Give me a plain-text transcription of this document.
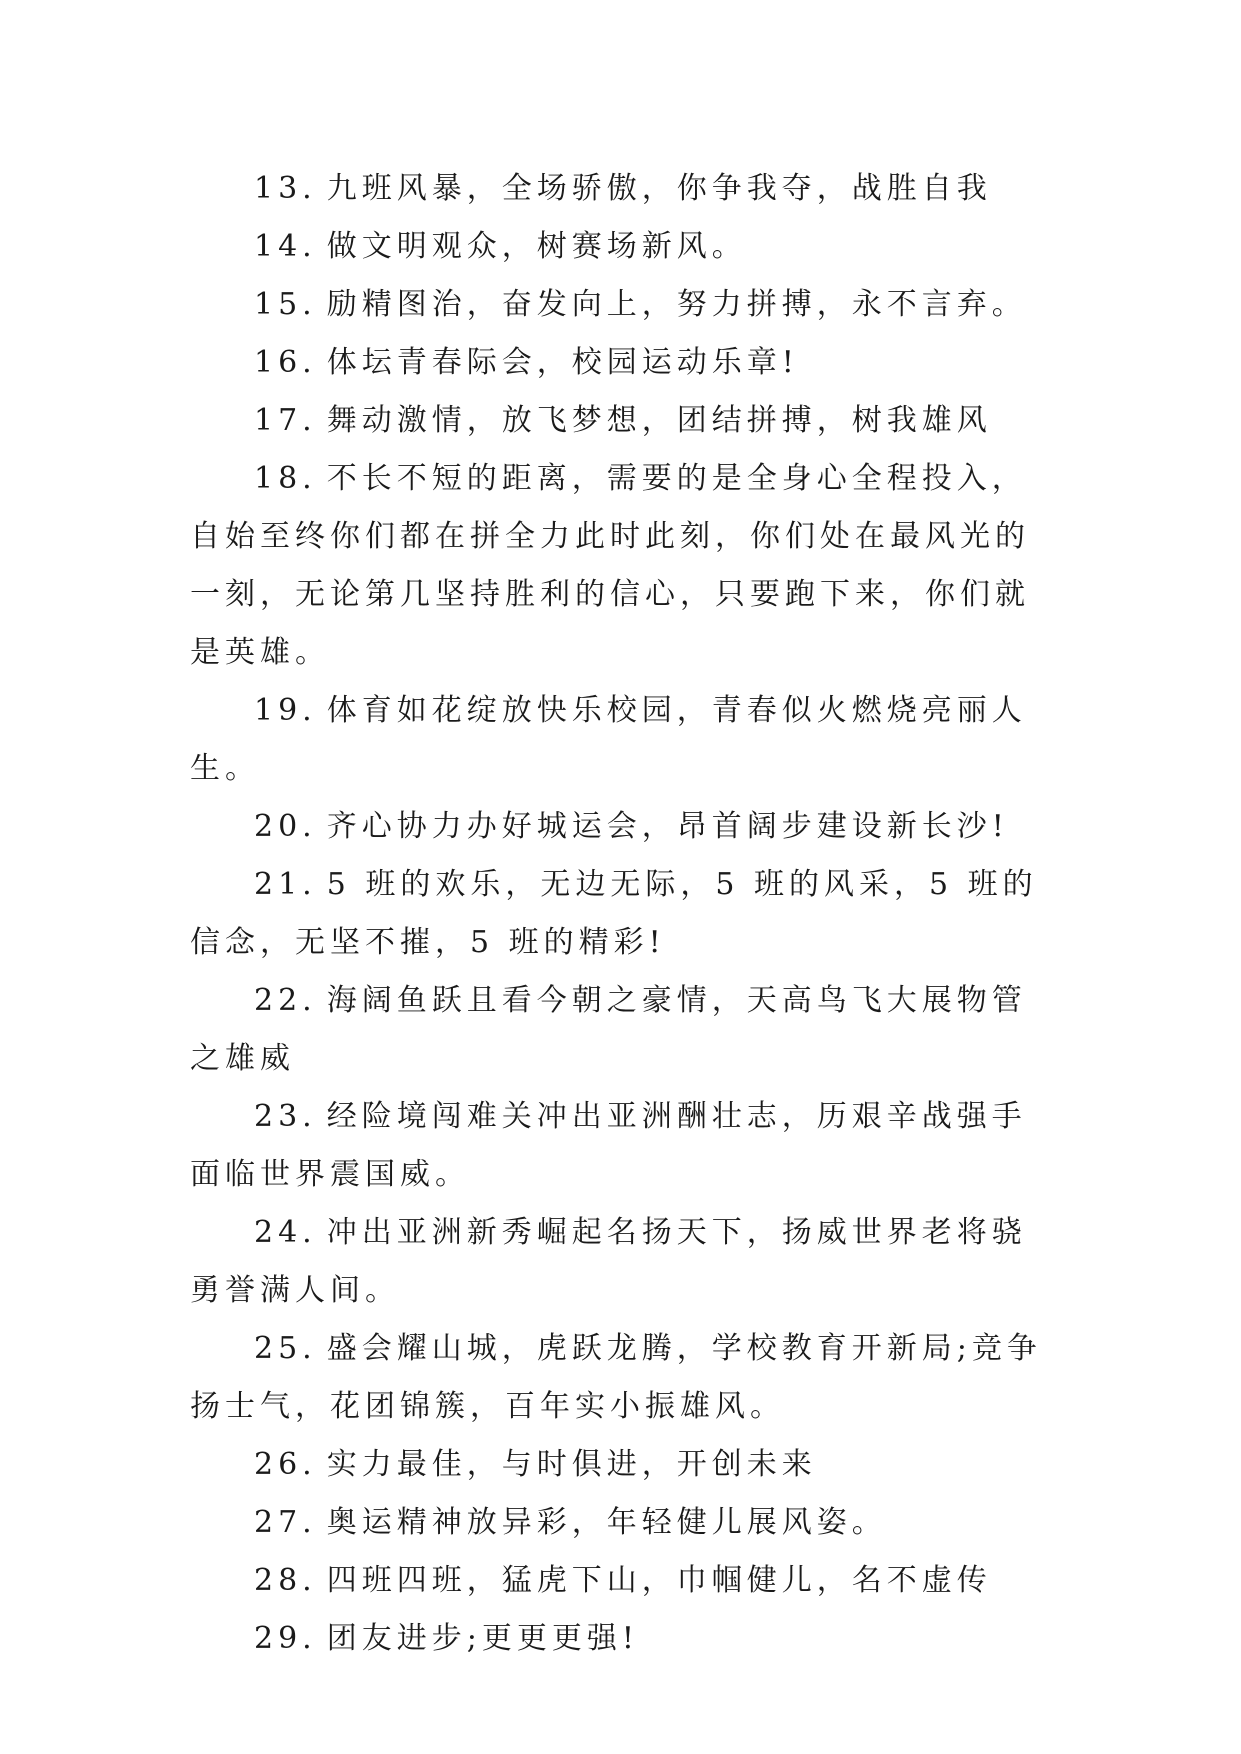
13. 九班风暴，全场骄傲，你争我夺，战胜自我

14. 做文明观众，树赛场新风。

15. 励精图治，奋发向上，努力拼搏，永不言弃。

16. 体坛青春际会，校园运动乐章!

17. 舞动激情，放飞梦想，团结拼搏，树我雄风

18. 不长不短的距离，需要的是全身心全程投入，自始至终你们都在拼全力此时此刻，你们处在最风光的一刻，无论第几坚持胜利的信心，只要跑下来，你们就是英雄。

19. 体育如花绽放快乐校园，青春似火燃烧亮丽人生。

20. 齐心协力办好城运会，昂首阔步建设新长沙!

21. 5 班的欢乐，无边无际，5 班的风采，5 班的信念，无坚不摧，5 班的精彩!

22. 海阔鱼跃且看今朝之豪情，天高鸟飞大展物管之雄威

23. 经险境闯难关冲出亚洲酬壮志，历艰辛战强手面临世界震国威。

24. 冲出亚洲新秀崛起名扬天下，扬威世界老将骁勇誉满人间。

25. 盛会耀山城，虎跃龙腾，学校教育开新局;竞争扬士气，花团锦簇，百年实小振雄风。

26. 实力最佳，与时俱进，开创未来

27. 奥运精神放异彩，年轻健儿展风姿。

28. 四班四班，猛虎下山，巾帼健儿，名不虚传

29. 团友进步;更更更强!
